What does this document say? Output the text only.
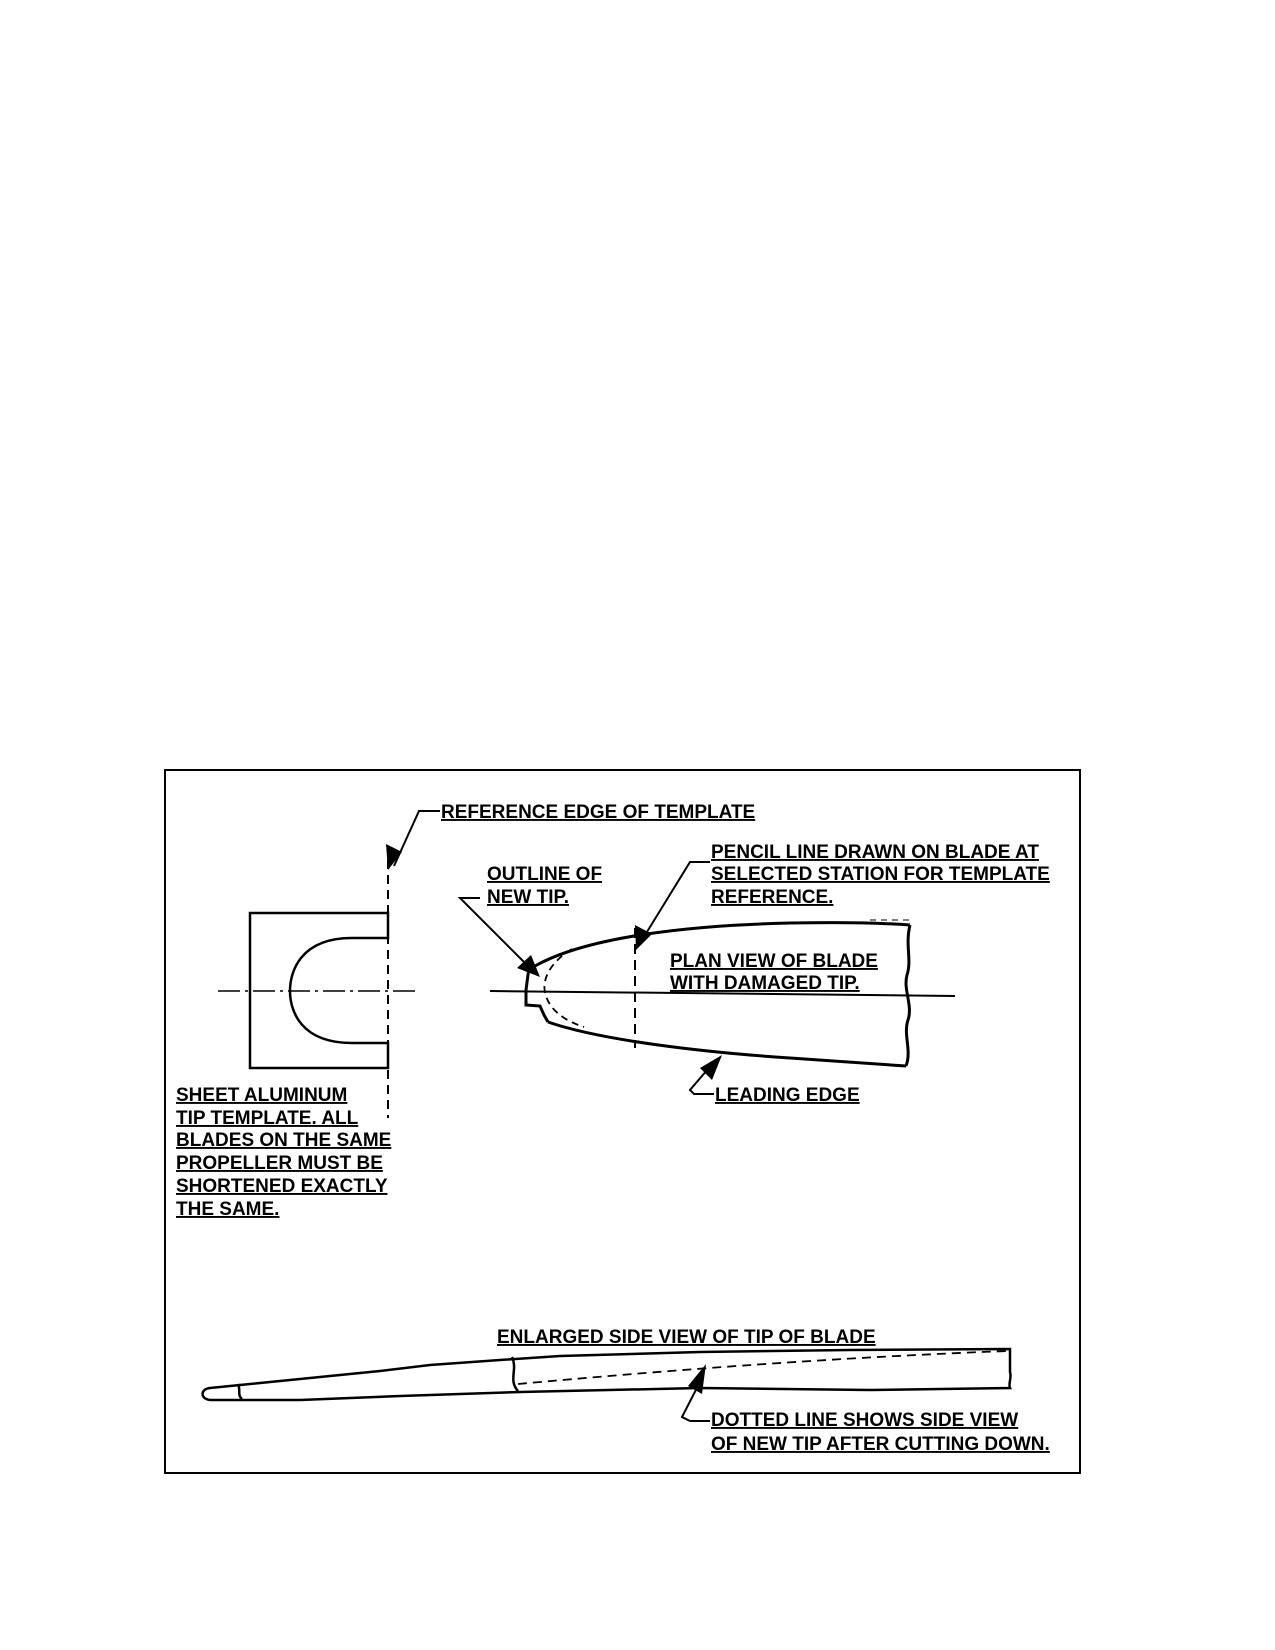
REFERENCE EDGE OF TEMPLATE
OUTLINE OF
NEW TIP.
PENCIL LINE DRAWN ON BLADE AT
SELECTED STATION FOR TEMPLATE
REFERENCE.
PLAN VIEW OF BLADE
WITH DAMAGED TIP.
LEADING EDGE
SHEET ALUMINUM
TIP TEMPLATE. ALL
BLADES ON THE SAME
PROPELLER MUST BE
SHORTENED EXACTLY
THE SAME.
ENLARGED SIDE VIEW OF TIP OF BLADE
DOTTED LINE SHOWS SIDE VIEW
OF NEW TIP AFTER CUTTING DOWN.
